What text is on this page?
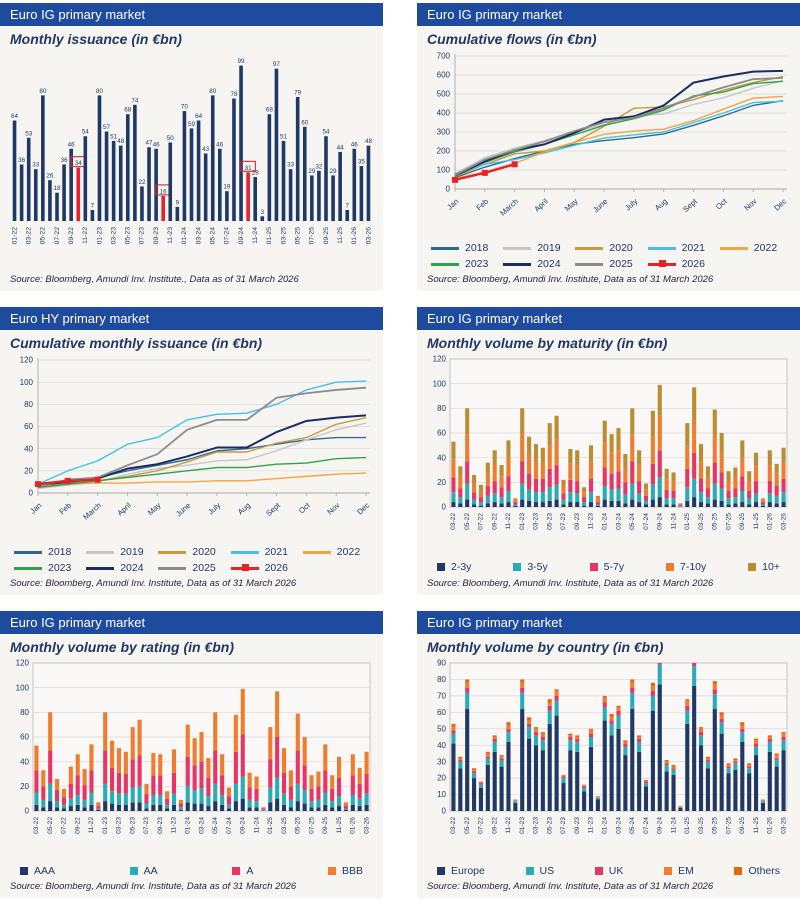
Euro IG primary market
Monthly issuance (in €bn)
64
01-22
36
53
03-22
33
80
05-22
26
18
07-22
36
46
09-22
34
54
11-22
7
80
01-23
57
51
03-23
48
68
05-23
74
22
07-23
47 46
09-23
16
50
11-23
9
70
01-24
59
64
03-24
43
80
05-24
46
19
07-24
78
99
09-24
31
28
11-24
3
68
01-25
97
51
03-25
33
79
05-25
60
29
07-25
32
54
09-25
29
44
11-25
7
46
01-26
35
48
03-26
Source: Bloomberg, Amundi Inv. Institute., Data as of 31 March 2026
Euro IG primary market
Cumulative flows (in €bn)
0
100
200
300
400
500
600
700
Jan Feb March April May June July Aug Sept Oct Nov Dec
2018	2019	2020	2021	2022
2023	2024	2025	2026
Source: Bloomberg, Amundi Inv. Institute, Data as of 31 March 2026
Euro HY primary market
Cumulative monthly issuance (in €bn)
0
20
40
60
80
100
120
Jan Feb March April May June July Aug Sept Oct Nov Dec
2018	2019	2020	2021	2022
2023	2024	2025	2026
Source: Bloomberg, Amundi Inv. Institute, Data as of 31 March 2026
Euro IG primary market
Monthly volume by maturity (in €bn)
0
20
40
60
80
100
120
03-22 05-22 07-22 09-22 11-22 01-23 03-23 05-23 07-23 09-23 11-23 01-24 03-24 05-24 07-24 09-24 11-24 01-25 03-25 05-25 07-25 09-25 11-25 01-26 03-26
2-3y	3-5y	5-7y	7-10y	10+
Source: Bloomberg, Amundi Inv. Institute, Data as of 31 March 2026
Euro IG primary market
Monthly volume by rating (in €bn)
0
20
40
60
80
100
120
03-22 05-22 07-22 09-22 11-22 01-23 03-23 05-23 07-23 09-23 11-23 01-24 03-24 05-24 07-24 09-24 11-24 01-25 03-25 05-25 07-25 09-25 11-25 01-26 03-26
AAA	AA	A	BBB
Source: Bloomberg, Amundi Inv. Institute, Data as of 31 March 2026
Euro IG primary market
Monthly volume by country (in €bn)
0
10
20
30
40
50
60
70
80
90
03-22 05-22 07-22 09-22 11-22 01-23 03-23 05-23 07-23 09-23 11-23 01-24 03-24 05-24 07-24 09-24 11-24 01-25 03-25 05-25 07-25 09-25 11-25 01-26 03-26
Europe	US	UK	EM	Others
Source: Bloomberg, Amundi Inv. Institute, Data as of 31 March 2026
